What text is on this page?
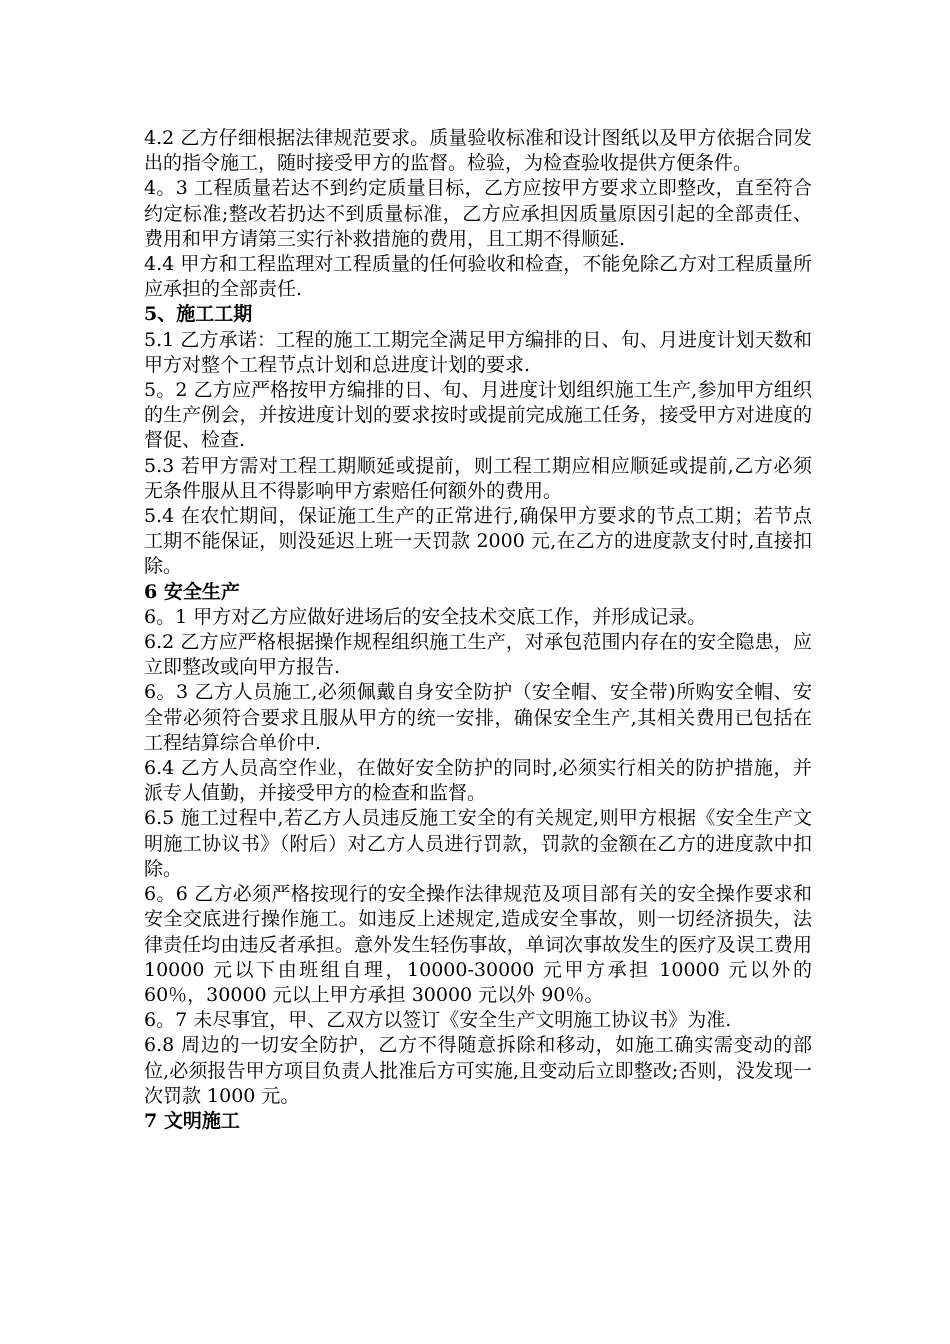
4.2 乙方仔细根据法律规范要求。质量验收标准和设计图纸以及甲方依据合同发出的指令施工，随时接受甲方的监督。检验，为检查验收提供方便条件。

4。3 工程质量若达不到约定质量目标，乙方应按甲方要求立即整改，直至符合约定标准;整改若扔达不到质量标准，乙方应承担因质量原因引起的全部责任、费用和甲方请第三实行补救措施的费用，且工期不得顺延.

4.4 甲方和工程监理对工程质量的任何验收和检查，不能免除乙方对工程质量所应承担的全部责任.

5、施工工期

5.1 乙方承诺：工程的施工工期完全满足甲方编排的日、旬、月进度计划天数和甲方对整个工程节点计划和总进度计划的要求.

5。2 乙方应严格按甲方编排的日、旬、月进度计划组织施工生产,参加甲方组织的生产例会，并按进度计划的要求按时或提前完成施工任务，接受甲方对进度的督促、检查.

5.3 若甲方需对工程工期顺延或提前，则工程工期应相应顺延或提前,乙方必须无条件服从且不得影响甲方索赔任何额外的费用。

5.4 在农忙期间，保证施工生产的正常进行,确保甲方要求的节点工期；若节点工期不能保证，则没延迟上班一天罚款 2000 元,在乙方的进度款支付时,直接扣除。

6 安全生产

6。1 甲方对乙方应做好进场后的安全技术交底工作，并形成记录。

6.2 乙方应严格根据操作规程组织施工生产，对承包范围内存在的安全隐患，应立即整改或向甲方报告.

6。3 乙方人员施工,必须佩戴自身安全防护（安全帽、安全带)所购安全帽、安全带必须符合要求且服从甲方的统一安排，确保安全生产,其相关费用已包括在工程结算综合单价中.

6.4 乙方人员高空作业，在做好安全防护的同时,必须实行相关的防护措施，并派专人值勤，并接受甲方的检查和监督。

6.5 施工过程中,若乙方人员违反施工安全的有关规定,则甲方根据《安全生产文明施工协议书》（附后）对乙方人员进行罚款，罚款的金额在乙方的进度款中扣除。

6。6 乙方必须严格按现行的安全操作法律规范及项目部有关的安全操作要求和安全交底进行操作施工。如违反上述规定,造成安全事故，则一切经济损失，法律责任均由违反者承担。意外发生轻伤事故，单词次事故发生的医疗及误工费用 10000 元以下由班组自理，10000-30000 元甲方承担 10000 元以外的 60％，30000 元以上甲方承担 30000 元以外 90％。

6。7 未尽事宜，甲、乙双方以签订《安全生产文明施工协议书》为准.

6.8 周边的一切安全防护，乙方不得随意拆除和移动，如施工确实需变动的部位,必须报告甲方项目负责人批准后方可实施,且变动后立即整改;否则，没发现一次罚款 1000 元。

7 文明施工
